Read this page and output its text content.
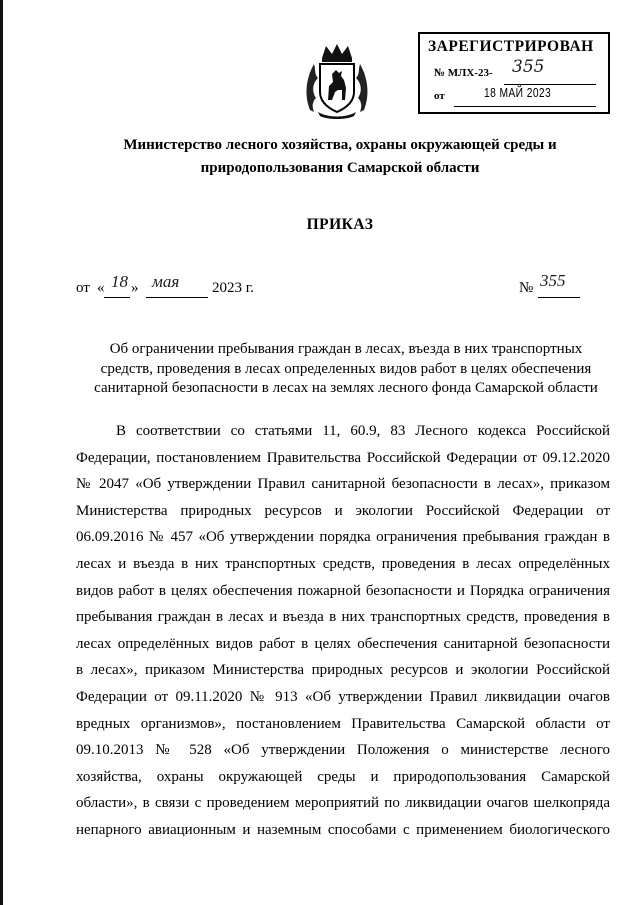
ЗАРЕГИСТРИРОВАН
№ МЛХ-23- 355
от	18 МАЙ 2023
Министерство лесного хозяйства, охраны окружающей среды и
природопользования Самарской области
ПРИКАЗ
от « 18 » мая 2023 г.	№ 355
Об ограничении пребывания граждан в лесах, въезда в них транспортных
средств, проведения в лесах определенных видов работ в целях обеспечения
санитарной безопасности в лесах на землях лесного фонда Самарской области
В соответствии со статьями 11, 60.9, 83 Лесного кодекса Российской
Федерации, постановлением Правительства Российской Федерации от 09.12.2020
№ 2047 «Об утверждении Правил санитарной безопасности в лесах», приказом
Министерства природных ресурсов и экологии Российской Федерации от
06.09.2016 № 457 «Об утверждении порядка ограничения пребывания граждан в
лесах и въезда в них транспортных средств, проведения в лесах определённых
видов работ в целях обеспечения пожарной безопасности и Порядка ограничения
пребывания граждан в лесах и въезда в них транспортных средств, проведения в
лесах определённых видов работ в целях обеспечения санитарной безопасности
в лесах», приказом Министерства природных ресурсов и экологии Российской
Федерации от 09.11.2020 № 913 «Об утверждении Правил ликвидации очагов
вредных организмов», постановлением Правительства Самарской области от
09.10.2013 № 528 «Об утверждении Положения о министерстве лесного
хозяйства, охраны окружающей среды и природопользования Самарской
области», в связи с проведением мероприятий по ликвидации очагов шелкопряда
непарного авиационным и наземным способами с применением биологического
